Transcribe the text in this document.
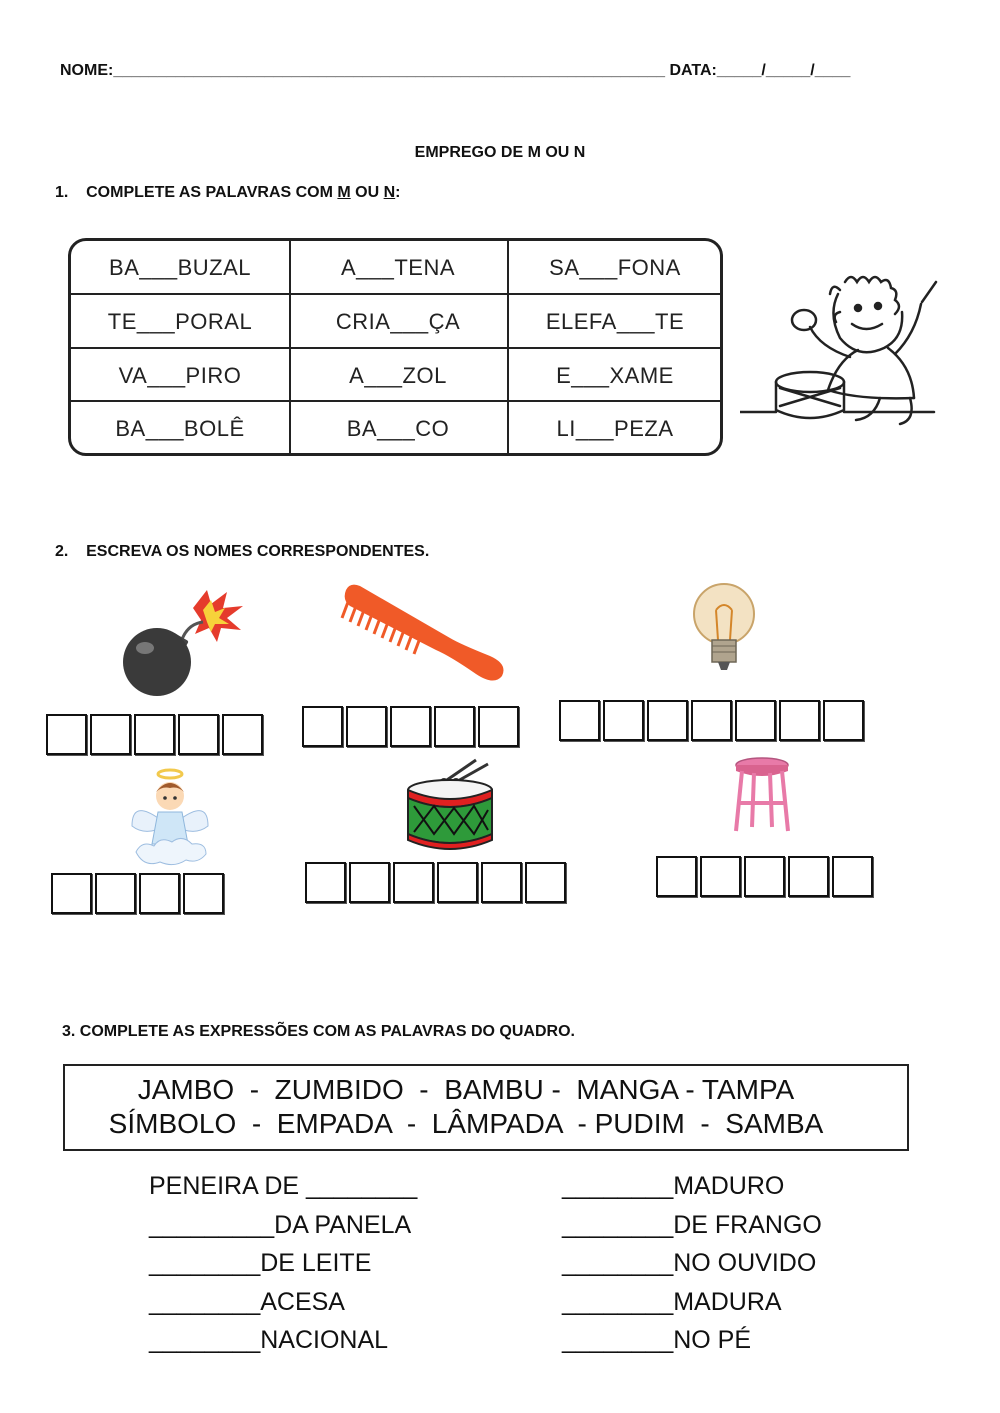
NOME:______________________________________________________________ DATA:_____/_____/____
EMPREGO DE M OU N
1. COMPLETE AS PALAVRAS COM M OU N:
BA___BUZAL	A___TENA	SA___FONA
TE___PORAL	CRIA___ÇA	ELEFA___TE
VA___PIRO	A___ZOL	E___XAME
BA___BOLÊ	BA___CO	LI___PEZA
2. ESCREVA OS NOMES CORRESPONDENTES.
3. COMPLETE AS EXPRESSÕES COM AS PALAVRAS DO QUADRO.
JAMBO  -  ZUMBIDO  -  BAMBU -  MANGA - TAMPA
SÍMBOLO  -  EMPADA  -  LÂMPADA  - PUDIM  -  SAMBA
PENEIRA DE ________
_________DA PANELA
________DE LEITE
________ACESA
________NACIONAL
________MADURO
________DE FRANGO
________NO OUVIDO
________MADURA
________NO PÉ
